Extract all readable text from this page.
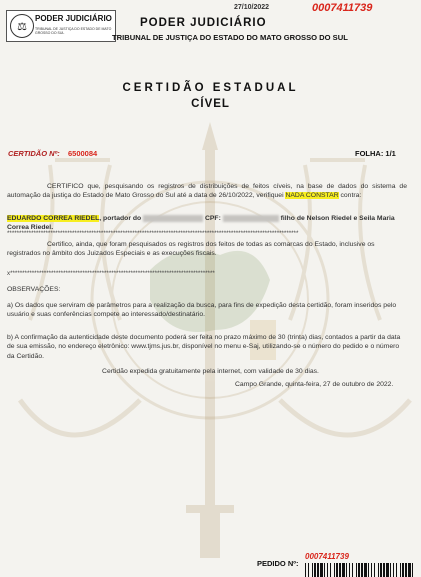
⚖
PODER JUDICIÁRIO
TRIBUNAL DE JUSTIÇA DO ESTADO DE MATO GROSSO DO SUL
27/10/2022	0007411739
PODER JUDICIÁRIO
TRIBUNAL DE JUSTIÇA DO ESTADO DO MATO GROSSO DO SUL
CERTIDÃO ESTADUAL
CÍVEL
CERTIDÃO Nº: 6500084	FOLHA: 1/1
CERTIFICO que, pesquisando os registros de distribuições de feitos cíveis, na base de dados do sistema de automação da justiça do Estado de Mato Grosso do Sul até a data de 26/10/2022, verifiquei NADA CONSTAR contra:
EDUARDO CORREA RIEDEL, portador do	CPF:	filho de Nelson Riedel e Seila Maria Correa Riedel.
*************************************************************************************************************************
Certifico, ainda, que foram pesquisados os registros dos feitos de todas as comarcas do Estado, inclusive os registrados no âmbito dos Juizados Especiais e as execuções fiscais.
x*************************************************************************************
OBSERVAÇÕES:
a) Os dados que serviram de parâmetros para a realização da busca, para fins de expedição desta certidão, foram inseridos pelo usuário e suas conferências compete ao interessado/destinatário.
b) A confirmação da autenticidade deste documento poderá ser feita no prazo máximo de 30 (trinta) dias, contados a partir da data de sua emissão, no endereço eletrônico: www.tjms.jus.br, disponível no menu e-Saj, utilizando-se o número do pedido e o número da Certidão.
Certidão expedida gratuitamente pela internet, com validade de 30 dias.
Campo Grande, quinta-feira, 27 de outubro de 2022.
PEDIDO Nº:
0007411739
